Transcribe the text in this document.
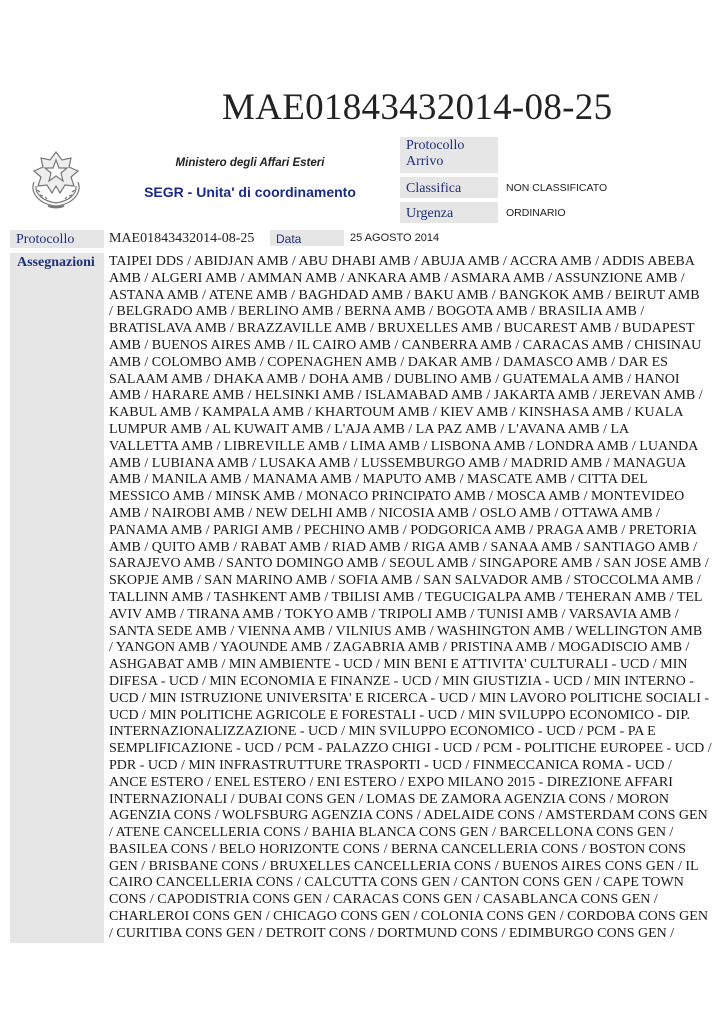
MAE01843432014-08-25
Ministero degli Affari Esteri
SEGR - Unita' di coordinamento
Protocollo Arrivo
Classifica	NON CLASSIFICATO
Urgenza	ORDINARIO
Protocollo	MAE01843432014-08-25	Data	25 AGOSTO 2014
Assegnazioni	TAIPEI DDS / ABIDJAN AMB / ABU DHABI AMB / ABUJA AMB / ACCRA AMB / ADDIS ABEBA
AMB / ALGERI AMB / AMMAN AMB / ANKARA AMB / ASMARA AMB / ASSUNZIONE AMB /
ASTANA AMB / ATENE AMB / BAGHDAD AMB / BAKU AMB / BANGKOK AMB / BEIRUT AMB
/ BELGRADO AMB / BERLINO AMB / BERNA AMB / BOGOTA AMB / BRASILIA AMB /
BRATISLAVA AMB / BRAZZAVILLE AMB / BRUXELLES AMB / BUCAREST AMB / BUDAPEST
AMB / BUENOS AIRES AMB / IL CAIRO AMB / CANBERRA AMB / CARACAS AMB / CHISINAU
AMB / COLOMBO AMB / COPENAGHEN AMB / DAKAR AMB / DAMASCO AMB / DAR ES
SALAAM AMB / DHAKA AMB / DOHA AMB / DUBLINO AMB / GUATEMALA AMB / HANOI
AMB / HARARE AMB / HELSINKI AMB / ISLAMABAD AMB / JAKARTA AMB / JEREVAN AMB /
KABUL AMB / KAMPALA AMB / KHARTOUM AMB / KIEV AMB / KINSHASA AMB / KUALA
LUMPUR AMB / AL KUWAIT AMB / L'AJA AMB / LA PAZ AMB / L'AVANA AMB / LA
VALLETTA AMB / LIBREVILLE AMB / LIMA AMB / LISBONA AMB / LONDRA AMB / LUANDA
AMB / LUBIANA AMB / LUSAKA AMB / LUSSEMBURGO AMB / MADRID AMB / MANAGUA
AMB / MANILA AMB / MANAMA AMB / MAPUTO AMB / MASCATE AMB / CITTA DEL
MESSICO AMB / MINSK AMB / MONACO PRINCIPATO AMB / MOSCA AMB / MONTEVIDEO
AMB / NAIROBI AMB / NEW DELHI AMB / NICOSIA AMB / OSLO AMB / OTTAWA AMB /
PANAMA AMB / PARIGI AMB / PECHINO AMB / PODGORICA AMB / PRAGA AMB / PRETORIA
AMB / QUITO AMB / RABAT AMB / RIAD AMB / RIGA AMB / SANAA AMB / SANTIAGO AMB /
SARAJEVO AMB / SANTO DOMINGO AMB / SEOUL AMB / SINGAPORE AMB / SAN JOSE AMB /
SKOPJE AMB / SAN MARINO AMB / SOFIA AMB / SAN SALVADOR AMB / STOCCOLMA AMB /
TALLINN AMB / TASHKENT AMB / TBILISI AMB / TEGUCIGALPA AMB / TEHERAN AMB / TEL
AVIV AMB / TIRANA AMB / TOKYO AMB / TRIPOLI AMB / TUNISI AMB / VARSAVIA AMB /
SANTA SEDE AMB / VIENNA AMB / VILNIUS AMB / WASHINGTON AMB / WELLINGTON AMB
/ YANGON AMB / YAOUNDE AMB / ZAGABRIA AMB / PRISTINA AMB / MOGADISCIO AMB /
ASHGABAT AMB / MIN AMBIENTE - UCD / MIN BENI E ATTIVITA' CULTURALI - UCD / MIN
DIFESA - UCD / MIN ECONOMIA E FINANZE - UCD / MIN GIUSTIZIA - UCD / MIN INTERNO -
UCD / MIN ISTRUZIONE UNIVERSITA' E RICERCA - UCD / MIN LAVORO POLITICHE SOCIALI -
UCD / MIN POLITICHE AGRICOLE E FORESTALI - UCD / MIN SVILUPPO ECONOMICO - DIP.
INTERNAZIONALIZZAZIONE - UCD / MIN SVILUPPO ECONOMICO - UCD / PCM - PA E
SEMPLIFICAZIONE - UCD / PCM - PALAZZO CHIGI - UCD / PCM - POLITICHE EUROPEE - UCD /
PDR - UCD / MIN INFRASTRUTTURE TRASPORTI - UCD / FINMECCANICA ROMA - UCD /
ANCE ESTERO / ENEL ESTERO / ENI ESTERO / EXPO MILANO 2015 - DIREZIONE AFFARI
INTERNAZIONALI / DUBAI CONS GEN / LOMAS DE ZAMORA AGENZIA CONS / MORON
AGENZIA CONS / WOLFSBURG AGENZIA CONS / ADELAIDE CONS / AMSTERDAM CONS GEN
/ ATENE CANCELLERIA CONS / BAHIA BLANCA CONS GEN / BARCELLONA CONS GEN /
BASILEA CONS / BELO HORIZONTE CONS / BERNA CANCELLERIA CONS / BOSTON CONS
GEN / BRISBANE CONS / BRUXELLES CANCELLERIA CONS / BUENOS AIRES CONS GEN / IL
CAIRO CANCELLERIA CONS / CALCUTTA CONS GEN / CANTON CONS GEN / CAPE TOWN
CONS / CAPODISTRIA CONS GEN / CARACAS CONS GEN / CASABLANCA CONS GEN /
CHARLEROI CONS GEN / CHICAGO CONS GEN / COLONIA CONS GEN / CORDOBA CONS GEN
/ CURITIBA CONS GEN / DETROIT CONS / DORTMUND CONS / EDIMBURGO CONS GEN /
